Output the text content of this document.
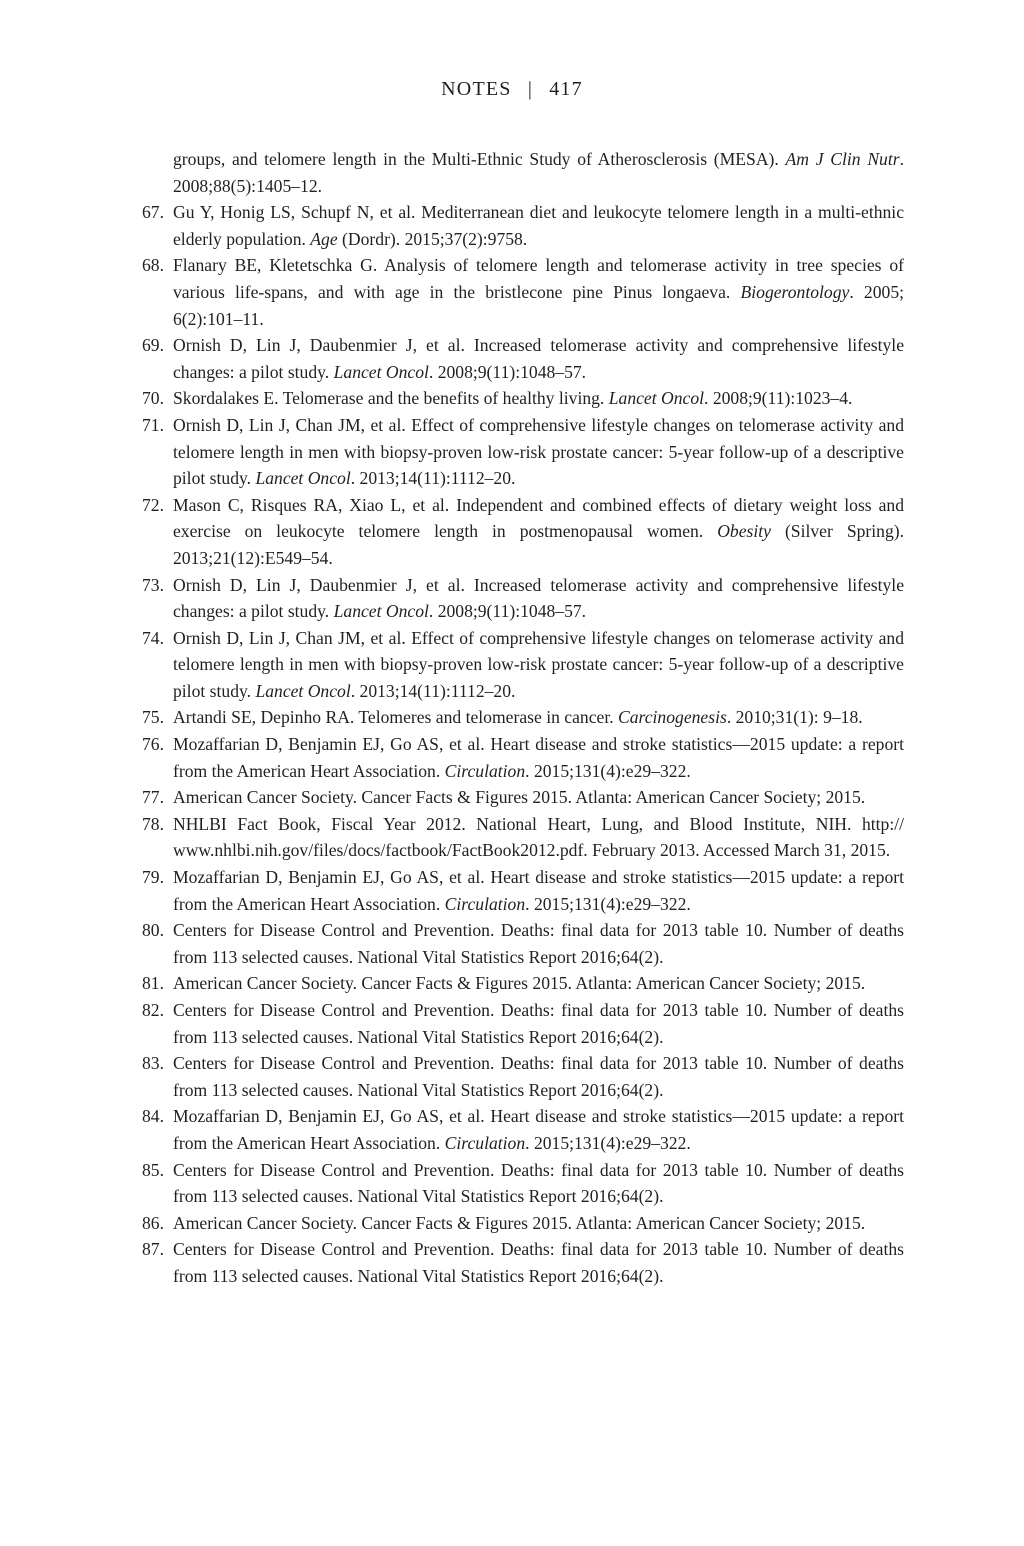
NOTES | 417
groups, and telomere length in the Multi-Ethnic Study of Atherosclerosis (MESA). Am J Clin Nutr. 2008;88(5):1405–12.
67. Gu Y, Honig LS, Schupf N, et al. Mediterranean diet and leukocyte telomere length in a multi-ethnic elderly population. Age (Dordr). 2015;37(2):9758.
68. Flanary BE, Kletetschka G. Analysis of telomere length and telomerase activity in tree species of various life-spans, and with age in the bristlecone pine Pinus longaeva. Biogerontology. 2005; 6(2):101–11.
69. Ornish D, Lin J, Daubenmier J, et al. Increased telomerase activity and comprehensive lifestyle changes: a pilot study. Lancet Oncol. 2008;9(11):1048–57.
70. Skordalakes E. Telomerase and the benefits of healthy living. Lancet Oncol. 2008;9(11):1023–4.
71. Ornish D, Lin J, Chan JM, et al. Effect of comprehensive lifestyle changes on telomerase activity and telomere length in men with biopsy-proven low-risk prostate cancer: 5-year follow-up of a descriptive pilot study. Lancet Oncol. 2013;14(11):1112–20.
72. Mason C, Risques RA, Xiao L, et al. Independent and combined effects of dietary weight loss and exercise on leukocyte telomere length in postmenopausal women. Obesity (Silver Spring). 2013;21(12):E549–54.
73. Ornish D, Lin J, Daubenmier J, et al. Increased telomerase activity and comprehensive lifestyle changes: a pilot study. Lancet Oncol. 2008;9(11):1048–57.
74. Ornish D, Lin J, Chan JM, et al. Effect of comprehensive lifestyle changes on telomerase activity and telomere length in men with biopsy-proven low-risk prostate cancer: 5-year follow-up of a descriptive pilot study. Lancet Oncol. 2013;14(11):1112–20.
75. Artandi SE, Depinho RA. Telomeres and telomerase in cancer. Carcinogenesis. 2010;31(1): 9–18.
76. Mozaffarian D, Benjamin EJ, Go AS, et al. Heart disease and stroke statistics—2015 update: a report from the American Heart Association. Circulation. 2015;131(4):e29–322.
77. American Cancer Society. Cancer Facts & Figures 2015. Atlanta: American Cancer Society; 2015.
78. NHLBI Fact Book, Fiscal Year 2012. National Heart, Lung, and Blood Institute, NIH. http:// www.nhlbi.nih.gov/files/docs/factbook/FactBook2012.pdf. February 2013. Accessed March 31, 2015.
79. Mozaffarian D, Benjamin EJ, Go AS, et al. Heart disease and stroke statistics—2015 update: a report from the American Heart Association. Circulation. 2015;131(4):e29–322.
80. Centers for Disease Control and Prevention. Deaths: final data for 2013 table 10. Number of deaths from 113 selected causes. National Vital Statistics Report 2016;64(2).
81. American Cancer Society. Cancer Facts & Figures 2015. Atlanta: American Cancer Society; 2015.
82. Centers for Disease Control and Prevention. Deaths: final data for 2013 table 10. Number of deaths from 113 selected causes. National Vital Statistics Report 2016;64(2).
83. Centers for Disease Control and Prevention. Deaths: final data for 2013 table 10. Number of deaths from 113 selected causes. National Vital Statistics Report 2016;64(2).
84. Mozaffarian D, Benjamin EJ, Go AS, et al. Heart disease and stroke statistics—2015 update: a report from the American Heart Association. Circulation. 2015;131(4):e29–322.
85. Centers for Disease Control and Prevention. Deaths: final data for 2013 table 10. Number of deaths from 113 selected causes. National Vital Statistics Report 2016;64(2).
86. American Cancer Society. Cancer Facts & Figures 2015. Atlanta: American Cancer Society; 2015.
87. Centers for Disease Control and Prevention. Deaths: final data for 2013 table 10. Number of deaths from 113 selected causes. National Vital Statistics Report 2016;64(2).
